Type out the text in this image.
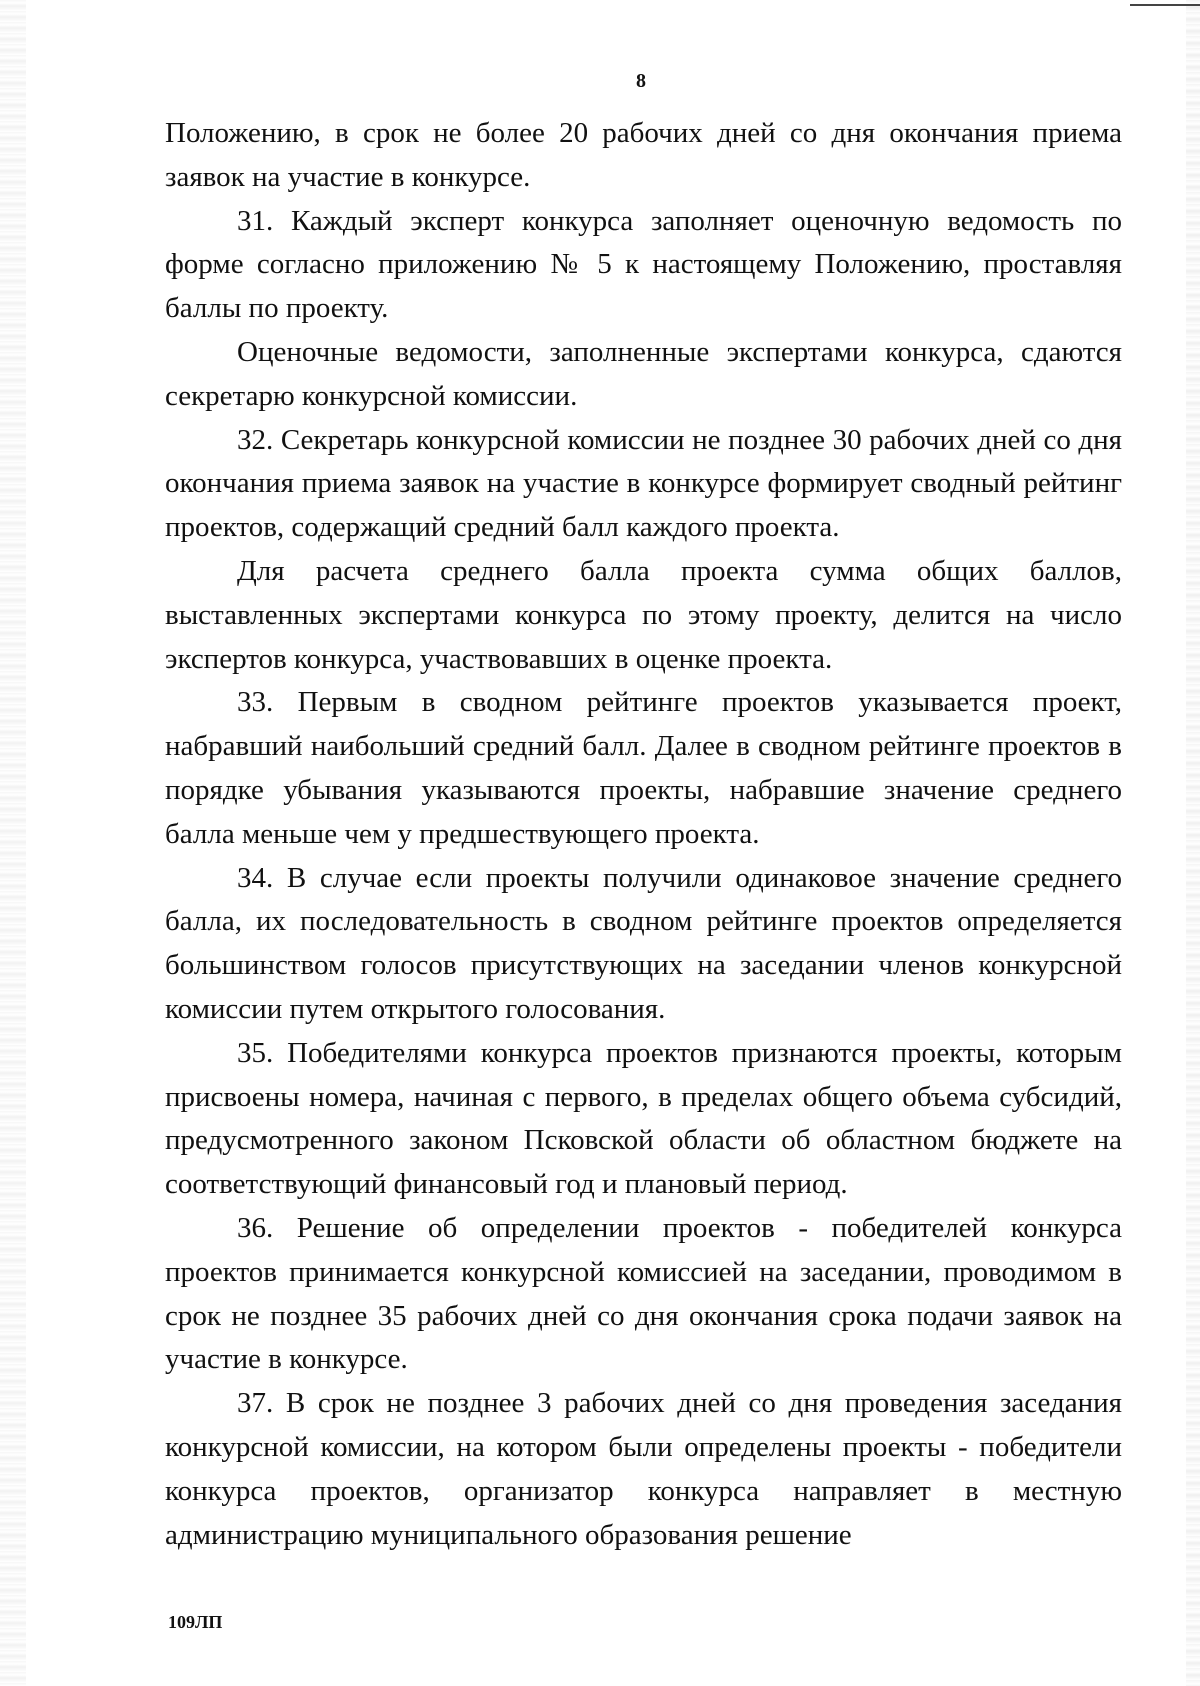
8

Положению, в срок не более 20 рабочих дней со дня окончания приема заявок на участие в конкурсе.

31. Каждый эксперт конкурса заполняет оценочную ведомость по форме согласно приложению № 5 к настоящему Положению, проставляя баллы по проекту.

Оценочные ведомости, заполненные экспертами конкурса, сдаются секретарю конкурсной комиссии.

32. Секретарь конкурсной комиссии не позднее 30 рабочих дней со дня окончания приема заявок на участие в конкурсе формирует сводный рейтинг проектов, содержащий средний балл каждого проекта.

Для расчета среднего балла проекта сумма общих баллов, выставленных экспертами конкурса по этому проекту, делится на число экспертов конкурса, участвовавших в оценке проекта.

33. Первым в сводном рейтинге проектов указывается проект, набравший наибольший средний балл. Далее в сводном рейтинге проектов в порядке убывания указываются проекты, набравшие значение среднего балла меньше чем у предшествующего проекта.

34. В случае если проекты получили одинаковое значение среднего балла, их последовательность в сводном рейтинге проектов определяется большинством голосов присутствующих на заседании членов конкурсной комиссии путем открытого голосования.

35. Победителями конкурса проектов признаются проекты, которым присвоены номера, начиная с первого, в пределах общего объема субсидий, предусмотренного законом Псковской области об областном бюджете на соответствующий финансовый год и плановый период.

36. Решение об определении проектов - победителей конкурса проектов принимается конкурсной комиссией на заседании, проводимом в срок не позднее 35 рабочих дней со дня окончания срока подачи заявок на участие в конкурсе.

37. В срок не позднее 3 рабочих дней со дня проведения заседания конкурсной комиссии, на котором были определены проекты - победители конкурса проектов, организатор конкурса направляет в местную администрацию муниципального образования решение

109ЛП
